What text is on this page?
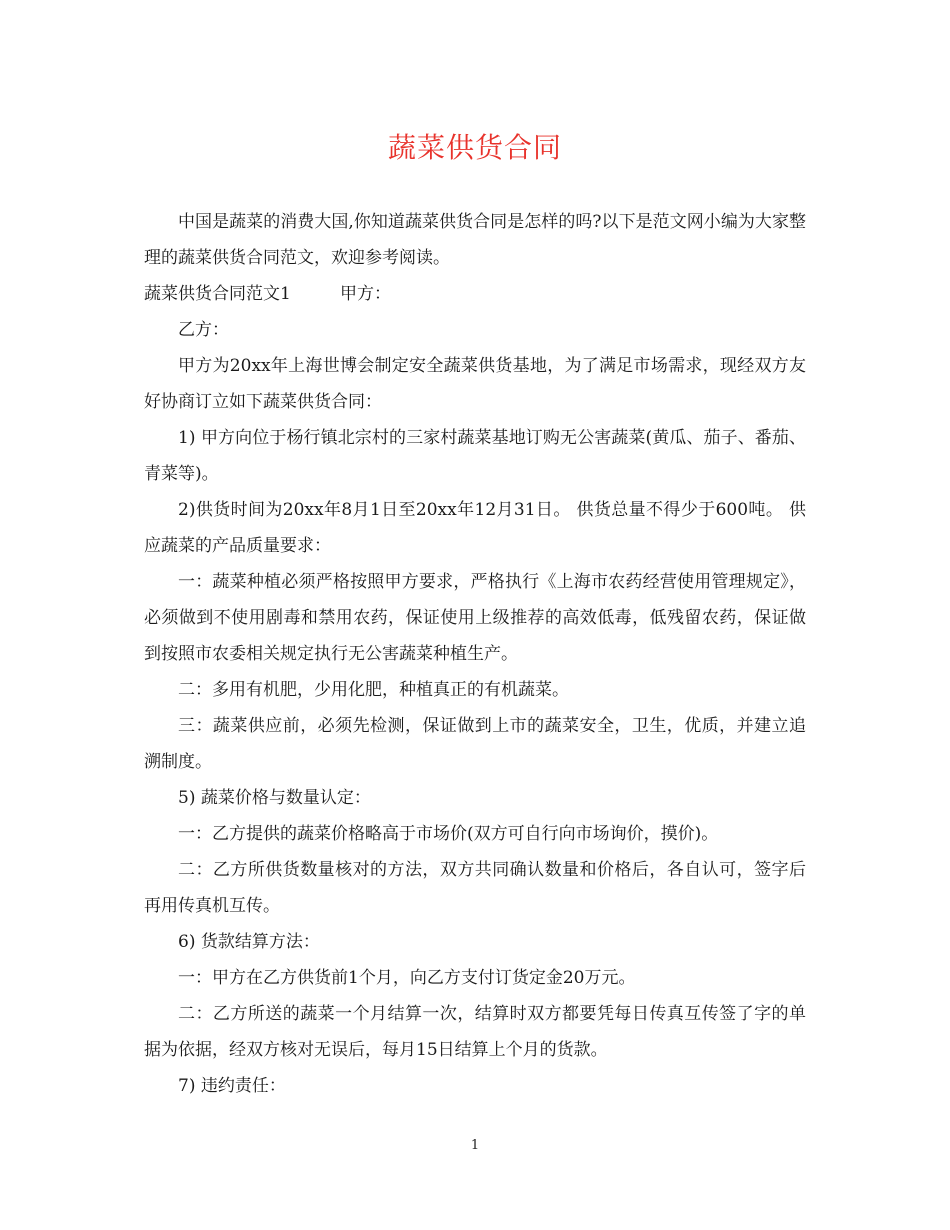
蔬菜供货合同

中国是蔬菜的消费大国,你知道蔬菜供货合同是怎样的吗?以下是范文网小编为大家整理的蔬菜供货合同范文，欢迎参考阅读。

蔬菜供货合同范文1	甲方：

乙方：

甲方为20xx年上海世博会制定安全蔬菜供货基地，为了满足市场需求，现经双方友好协商订立如下蔬菜供货合同：

1) 甲方向位于杨行镇北宗村的三家村蔬菜基地订购无公害蔬菜(黄瓜、茄子、番茄、青菜等)。

2)供货时间为20xx年8月1日至20xx年12月31日。 供货总量不得少于600吨。 供应蔬菜的产品质量要求：

一：蔬菜种植必须严格按照甲方要求，严格执行《上海市农药经营使用管理规定》，必须做到不使用剧毒和禁用农药，保证使用上级推荐的高效低毒，低残留农药，保证做到按照市农委相关规定执行无公害蔬菜种植生产。

二：多用有机肥，少用化肥，种植真正的有机蔬菜。

三：蔬菜供应前，必须先检测，保证做到上市的蔬菜安全，卫生，优质，并建立追溯制度。

5) 蔬菜价格与数量认定：

一：乙方提供的蔬菜价格略高于市场价(双方可自行向市场询价，摸价)。

二：乙方所供货数量核对的方法，双方共同确认数量和价格后，各自认可，签字后再用传真机互传。

6) 货款结算方法：

一：甲方在乙方供货前1个月，向乙方支付订货定金20万元。

二：乙方所送的蔬菜一个月结算一次，结算时双方都要凭每日传真互传签了字的单据为依据，经双方核对无误后，每月15日结算上个月的货款。

7) 违约责任：

1
